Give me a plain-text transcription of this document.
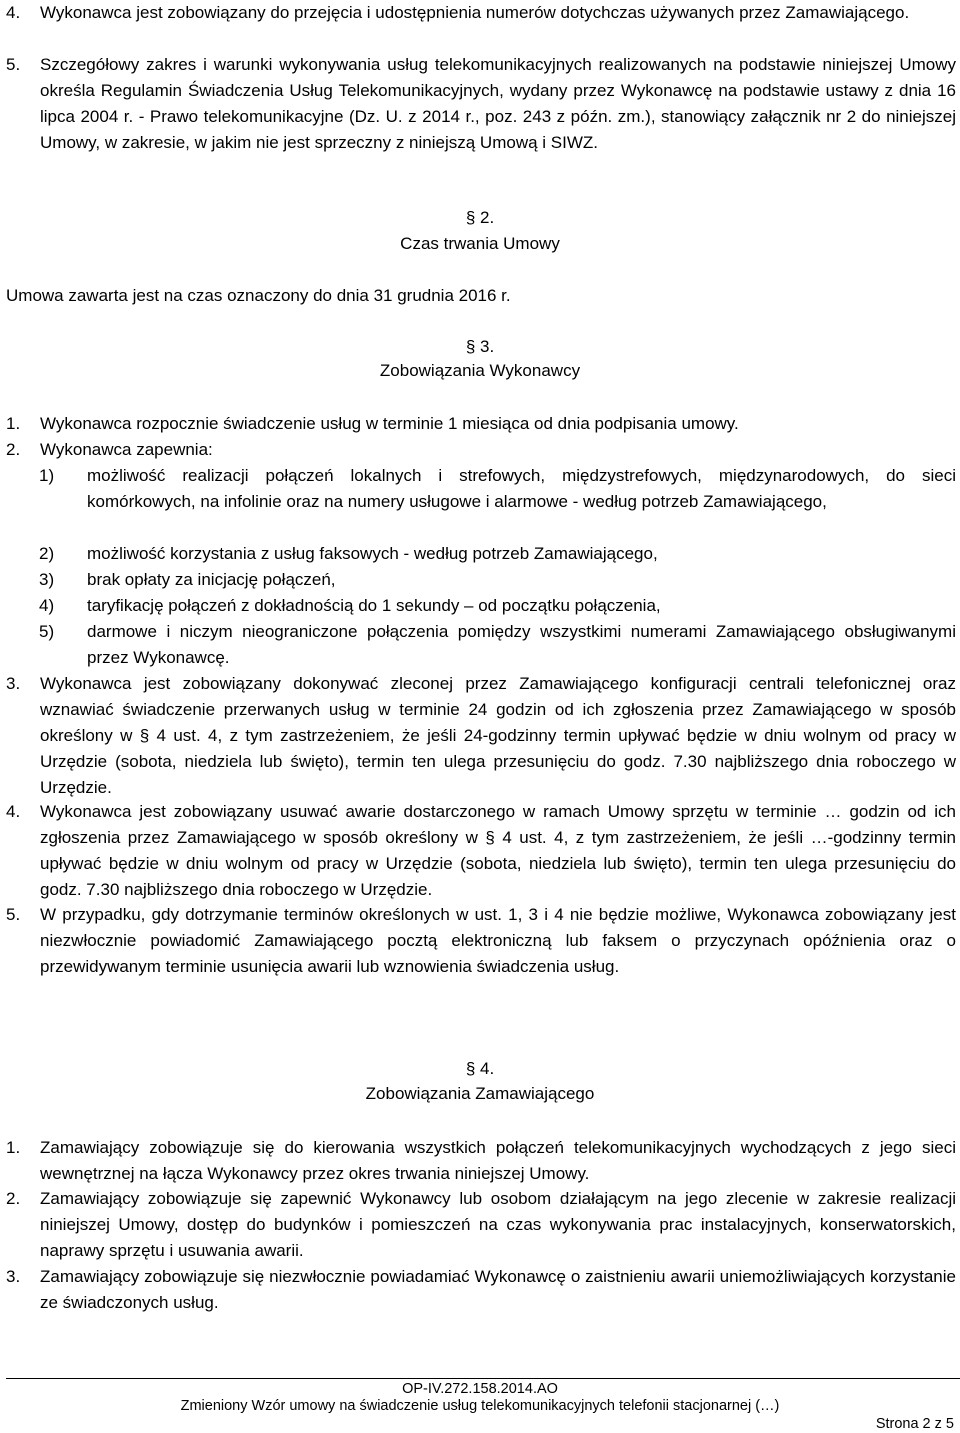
4.	Wykonawca jest zobowiązany do przejęcia i udostępnienia numerów dotychczas używanych przez Zamawiającego.
5.	Szczegółowy zakres i warunki wykonywania usług telekomunikacyjnych realizowanych na podstawie niniejszej Umowy określa Regulamin Świadczenia Usług Telekomunikacyjnych, wydany przez Wykonawcę na podstawie ustawy z dnia 16 lipca 2004 r. - Prawo telekomunikacyjne (Dz. U. z 2014 r., poz. 243 z późn. zm.), stanowiący załącznik nr 2 do niniejszej Umowy, w zakresie, w jakim nie jest sprzeczny z niniejszą Umową i SIWZ.
§ 2.
Czas trwania Umowy
Umowa zawarta jest na czas oznaczony do dnia 31 grudnia 2016 r.
§ 3.
Zobowiązania Wykonawcy
1.	Wykonawca rozpocznie świadczenie usług w terminie 1 miesiąca od dnia podpisania umowy.
2.	Wykonawca zapewnia:
1)	możliwość realizacji połączeń lokalnych i strefowych, międzystrefowych, międzynarodowych, do sieci komórkowych, na infolinie oraz na numery usługowe i alarmowe - według potrzeb Zamawiającego,
2)	możliwość korzystania z usług faksowych - według potrzeb Zamawiającego,
3)	brak opłaty za inicjację połączeń,
4)	taryfikację połączeń z dokładnością do 1 sekundy – od początku połączenia,
5)	darmowe i niczym nieograniczone połączenia pomiędzy wszystkimi numerami Zamawiającego obsługiwanymi przez Wykonawcę.
3.	Wykonawca jest zobowiązany dokonywać zleconej przez Zamawiającego konfiguracji centrali telefonicznej oraz wznawiać świadczenie przerwanych usług w terminie 24 godzin od ich zgłoszenia przez Zamawiającego w sposób określony w § 4 ust. 4, z tym zastrzeżeniem, że jeśli 24-godzinny termin upływać będzie w dniu wolnym od pracy w Urzędzie (sobota, niedziela lub święto), termin ten ulega przesunięciu do godz. 7.30 najbliższego dnia roboczego w Urzędzie.
4.	Wykonawca jest zobowiązany usuwać awarie dostarczonego w ramach Umowy sprzętu w terminie … godzin od ich zgłoszenia przez Zamawiającego w sposób określony w § 4 ust. 4, z tym zastrzeżeniem, że jeśli …-godzinny termin upływać będzie w dniu wolnym od pracy w Urzędzie (sobota, niedziela lub święto), termin ten ulega przesunięciu do godz. 7.30 najbliższego dnia roboczego w Urzędzie.
5.	W przypadku, gdy dotrzymanie terminów określonych w ust. 1, 3 i 4 nie będzie możliwe, Wykonawca zobowiązany jest niezwłocznie powiadomić Zamawiającego pocztą elektroniczną lub faksem o przyczynach opóźnienia oraz o przewidywanym terminie usunięcia awarii lub wznowienia świadczenia usług.
§ 4.
Zobowiązania Zamawiającego
1.	Zamawiający zobowiązuje się do kierowania wszystkich połączeń telekomunikacyjnych wychodzących z jego sieci wewnętrznej na łącza Wykonawcy przez okres trwania niniejszej Umowy.
2.	Zamawiający zobowiązuje się zapewnić Wykonawcy lub osobom działającym na jego zlecenie w zakresie realizacji niniejszej Umowy, dostęp do budynków i pomieszczeń na czas wykonywania prac instalacyjnych, konserwatorskich, naprawy sprzętu i usuwania awarii.
3.	Zamawiający zobowiązuje się niezwłocznie powiadamiać Wykonawcę o zaistnieniu awarii uniemożliwiających korzystanie ze świadczonych usług.
OP-IV.272.158.2014.AO
Zmieniony Wzór umowy na świadczenie usług telekomunikacyjnych telefonii stacjonarnej (…)
Strona 2 z 5
